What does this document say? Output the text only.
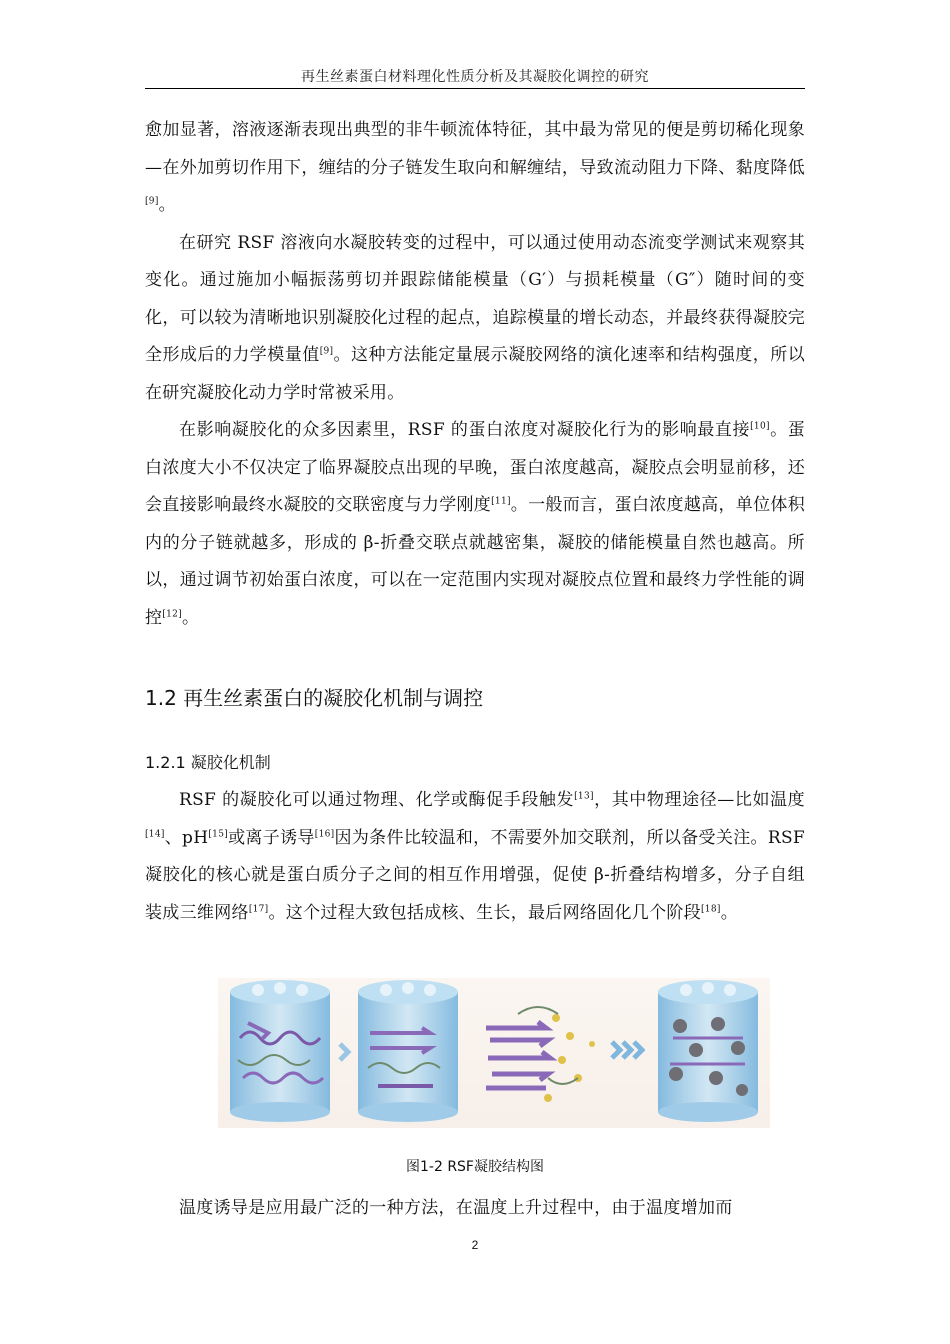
再生丝素蛋白材料理化性质分析及其凝胶化调控的研究

愈加显著，溶液逐渐表现出典型的非牛顿流体特征，其中最为常见的便是剪切稀化现象—在外加剪切作用下，缠结的分子链发生取向和解缠结，导致流动阻力下降、黏度降低[9]。

在研究 RSF 溶液向水凝胶转变的过程中，可以通过使用动态流变学测试来观察其变化。通过施加小幅振荡剪切并跟踪储能模量（G′）与损耗模量（G″）随时间的变化，可以较为清晰地识别凝胶化过程的起点，追踪模量的增长动态，并最终获得凝胶完全形成后的力学模量值[9]。这种方法能定量展示凝胶网络的演化速率和结构强度，所以在研究凝胶化动力学时常被采用。

在影响凝胶化的众多因素里，RSF 的蛋白浓度对凝胶化行为的影响最直接[10]。蛋白浓度大小不仅决定了临界凝胶点出现的早晚，蛋白浓度越高，凝胶点会明显前移，还会直接影响最终水凝胶的交联密度与力学刚度[11]。一般而言，蛋白浓度越高，单位体积内的分子链就越多，形成的 β-折叠交联点就越密集，凝胶的储能模量自然也越高。所以，通过调节初始蛋白浓度，可以在一定范围内实现对凝胶点位置和最终力学性能的调控[12]。

1.2 再生丝素蛋白的凝胶化机制与调控
1.2.1 凝胶化机制

RSF 的凝胶化可以通过物理、化学或酶促手段触发[13]，其中物理途径—比如温度[14]、pH[15]或离子诱导[16]因为条件比较温和，不需要外加交联剂，所以备受关注。RSF 凝胶化的核心就是蛋白质分子之间的相互作用增强，促使 β-折叠结构增多，分子自组装成三维网络[17]。这个过程大致包括成核、生长，最后网络固化几个阶段[18]。

图1-2 RSF凝胶结构图

温度诱导是应用最广泛的一种方法，在温度上升过程中，由于温度增加而

2
